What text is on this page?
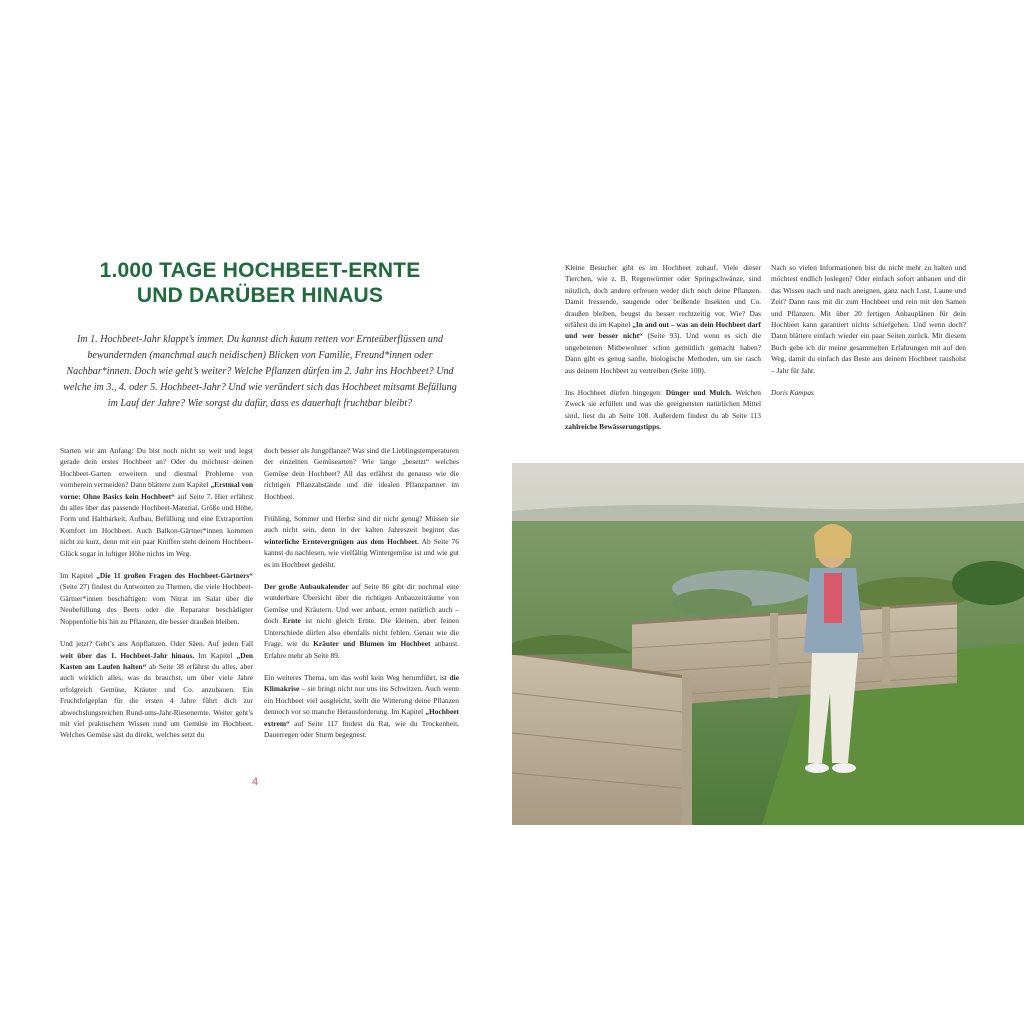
1.000 TAGE HOCHBEET-ERNTE
UND DARÜBER HINAUS

Im 1. Hochbeet-Jahr klappt’s immer. Du kannst dich kaum retten vor Ernteüberflüssen und bewundernden (manchmal auch neidischen) Blicken von Familie, Freund*innen oder Nachbar*innen. Doch wie geht’s weiter? Welche Pflanzen dürfen im 2. Jahr ins Hochbeet? Und welche im 3., 4. oder 5. Hochbeet-Jahr? Und wie verändert sich das Hochbeet mitsamt Befüllung im Lauf der Jahre? Wie sorgst du dafür, dass es dauerhaft fruchtbar bleibt?

Starten wir am Anfang: Du bist noch nicht so weit und legst gerade dein erstes Hochbeet an? Oder du möchtest deinen Hochbeet-Garten erweitern und diesmal Probleme von vornherein vermeiden? Dann blättere zum Kapitel „Erstmal von vorne: Ohne Basics kein Hochbeet“ auf Seite 7. Hier erfährst du alles über das passende Hochbeet-Material, Größe und Höhe, Form und Haltbarkeit, Aufbau, Befüllung und eine Extraportion Komfort im Hochbeet. Auch Balkon-Gärtner*innen kommen nicht zu kurz, denn mit ein paar Kniffen steht deinem Hochbeet-Glück sogar in luftiger Höhe nichts im Weg.

Im Kapitel „Die 11 großen Fragen des Hochbeet-Gärtners“ (Seite 27) findest du Antworten zu Themen, die viele Hochbeet-Gärtner*innen beschäftigen: vom Nitrat im Salat über die Neubefüllung des Beets oder die Reparatur beschädigter Noppenfolie bis hin zu Pflanzen, die besser draußen bleiben.

Und jetzt? Geht’s ans Anpflanzen. Oder Säen. Auf jeden Fall weit über das 1. Hochbeet-Jahr hinaus. Im Kapitel „Den Kasten am Laufen halten“ ab Seite 38 erfährst du alles, aber auch wirklich alles, was du brauchst, um über viele Jahre erfolgreich Gemüse, Kräuter und Co. anzubauen. Ein Fruchtfolgeplan für die ersten 4 Jahre führt dich zur abwechslungsreichen Rund-ums-Jahr-Riesenernte. Weiter geht’s mit viel praktischem Wissen rund um Gemüse im Hochbeet. Welches Gemüse säst du direkt, welches setzt du

doch besser als Jungpflanze? Was sind die Lieblingstemperaturen der einzelnen Gemüsearten? Wie lange „besetzt“ welches Gemüse dein Hochbeet? All das erfährst du genauso wie die richtigen Pflanzabstände und die idealen Pflanzpartner im Hochbeet.

Frühling, Sommer und Herbst sind dir nicht genug? Müssen sie auch nicht sein, denn in der kalten Jahreszeit beginnt das winterliche Erntevergnügen aus dem Hochbeet. Ab Seite 76 kannst du nachlesen, wie vielfältig Wintergemüse ist und wie gut es im Hochbeet gedeiht.

Der große Anbaukalender auf Seite 86 gibt dir nochmal eine wunderbare Übersicht über die richtigen Anbauzeiträume von Gemüse und Kräutern. Und wer anbaut, erntet natürlich auch – doch Ernte ist nicht gleich Ernte. Die kleinen, aber feinen Unterschiede dürfen also ebenfalls nicht fehlen. Genau wie die Frage, wie du Kräuter und Blumen im Hochbeet anbaust. Erfahre mehr ab Seite 89.

Ein weiteres Thema, um das wohl kein Weg herumführt, ist die Klimakrise – sie bringt nicht nur uns ins Schwitzen. Auch wenn ein Hochbeet viel ausgleicht, stellt die Witterung deine Pflanzen dennoch vor so manche Herausforderung. Im Kapitel „Hochbeet extrem“ auf Seite 117 findest du Rat, wie du Trockenheit, Dauerregen oder Sturm begegnest.

4

Kleine Besucher gibt es im Hochbeet zuhauf. Viele dieser Tierchen, wie z. B. Regenwürmer oder Springschwänze, sind nützlich, doch andere erfreuen weder dich noch deine Pflanzen. Damit fressende, saugende oder beißende Insekten und Co. draußen bleiben, beugst du besser rechtzeitig vor. Wie? Das erfährst du im Kapitel „In and out – was an dein Hochbeet darf und wer besser nicht“ (Seite 93). Und wenn es sich die ungebetenen Mitbewohner schon gemütlich gemacht haben? Dann gibt es genug sanfte, biologische Methoden, um sie rasch aus deinem Hochbeet zu vertreiben (Seite 100).

Ins Hochbeet dürfen hingegen: Dünger und Mulch. Welchen Zweck sie erfüllen und was die geeignetsten natürlichen Mittel sind, liest du ab Seite 108. Außerdem findest du ab Seite 113 zahlreiche Bewässerungstipps.

Nach so vielen Informationen bist du nicht mehr zu halten und möchtest endlich loslegen? Oder einfach sofort anbauen und dir das Wissen nach und nach aneignen, ganz nach Lust, Laune und Zeit? Dann raus mit dir zum Hochbeet und rein mit den Samen und Pflanzen. Mit über 20 fertigen Anbauplänen für dein Hochbeet kann garantiert nichts schiefgehen. Und wenn doch? Dann blättere einfach wieder ein paar Seiten zurück. Mit diesem Buch gebe ich dir meine gesammelten Erfahrungen mit auf den Weg, damit du einfach das Beste aus deinem Hochbeet rausholst – Jahr für Jahr.

Doris Kampas
